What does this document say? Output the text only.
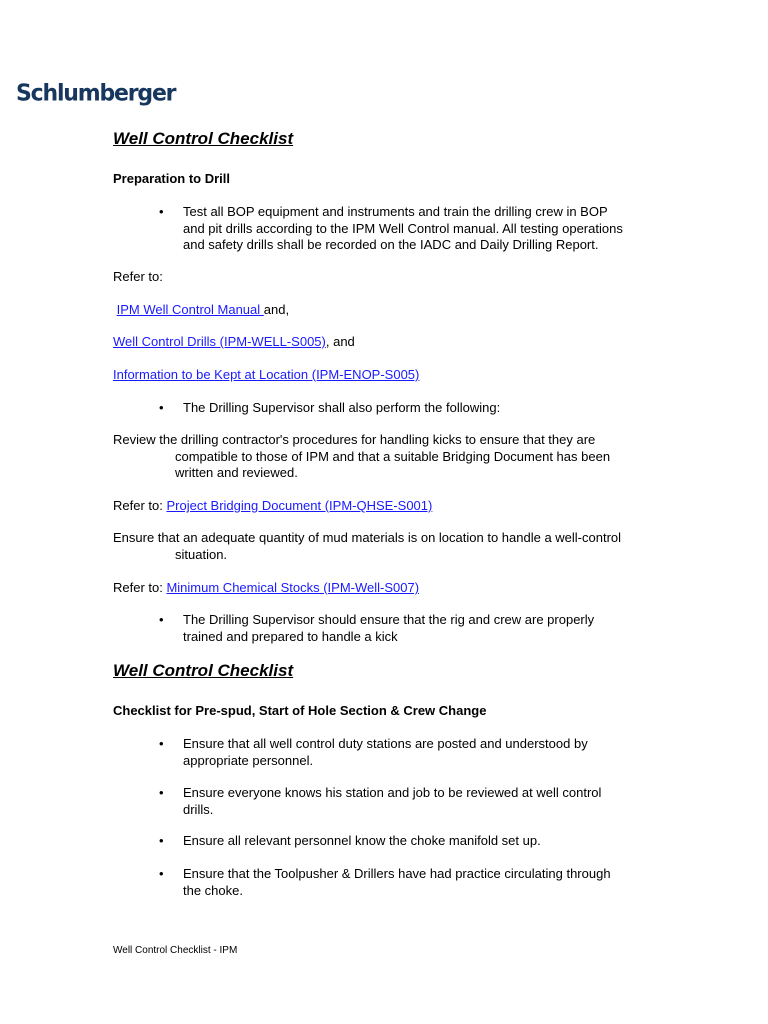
Schlumberger
Well Control Checklist
Preparation to Drill
• Test all BOP equipment and instruments and train the drilling crew in BOP
and pit drills according to the IPM Well Control manual. All testing operations
and safety drills shall be recorded on the IADC and Daily Drilling Report.
Refer to:
IPM Well Control Manual and,
Well Control Drills (IPM-WELL-S005), and
Information to be Kept at Location (IPM-ENOP-S005)
• The Drilling Supervisor shall also perform the following:
Review the drilling contractor's procedures for handling kicks to ensure that they are
compatible to those of IPM and that a suitable Bridging Document has been
written and reviewed.
Refer to: Project Bridging Document (IPM-QHSE-S001)
Ensure that an adequate quantity of mud materials is on location to handle a well-control
situation.
Refer to: Minimum Chemical Stocks (IPM-Well-S007)
• The Drilling Supervisor should ensure that the rig and crew are properly
trained and prepared to handle a kick
Well Control Checklist
Checklist for Pre-spud, Start of Hole Section & Crew Change
• Ensure that all well control duty stations are posted and understood by
appropriate personnel.
• Ensure everyone knows his station and job to be reviewed at well control
drills.
• Ensure all relevant personnel know the choke manifold set up.
• Ensure that the Toolpusher & Drillers have had practice circulating through
the choke.
Well Control Checklist - IPM
